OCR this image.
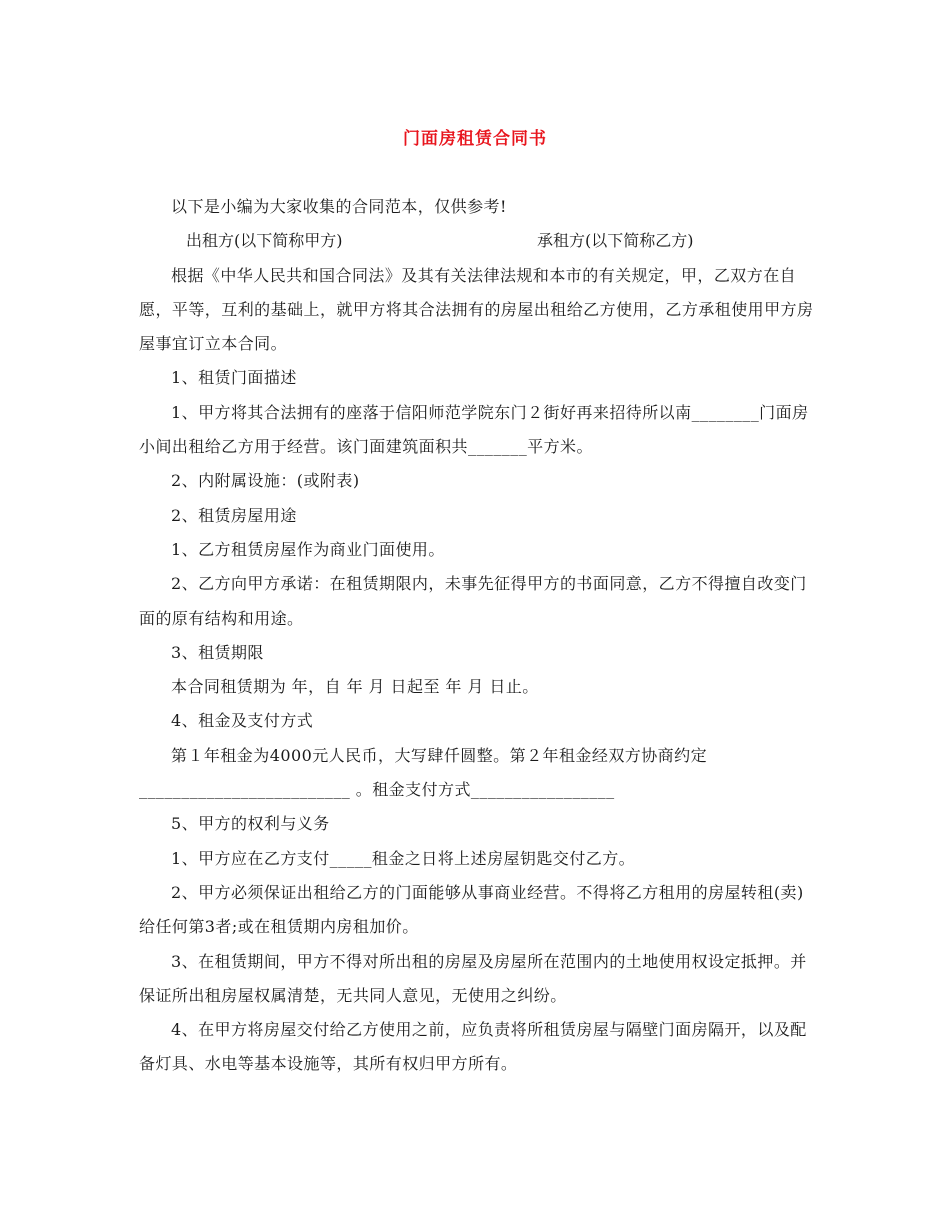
门面房租赁合同书

以下是小编为大家收集的合同范本，仅供参考!

出租方(以下简称甲方)	承租方(以下简称乙方)

根据《中华人民共和国合同法》及其有关法律法规和本市的有关规定，甲，乙双方在自愿，平等，互利的基础上，就甲方将其合法拥有的房屋出租给乙方使用，乙方承租使用甲方房屋事宜订立本合同。

1、租赁门面描述

1、甲方将其合法拥有的座落于信阳师范学院东门２街好再来招待所以南________门面房小间出租给乙方用于经营。该门面建筑面积共_______平方米。

2、内附属设施：(或附表)

2、租赁房屋用途

1、乙方租赁房屋作为商业门面使用。

2、乙方向甲方承诺：在租赁期限内，未事先征得甲方的书面同意，乙方不得擅自改变门面的原有结构和用途。

3、租赁期限

本合同租赁期为 年，自 年 月 日起至 年 月 日止。

4、租金及支付方式

第１年租金为4000元人民币，大写肆仟圆整。第２年租金经双方协商约定_________________________ 。租金支付方式_________________

5、甲方的权利与义务

1、甲方应在乙方支付_____租金之日将上述房屋钥匙交付乙方。

2、甲方必须保证出租给乙方的门面能够从事商业经营。不得将乙方租用的房屋转租(卖)给任何第3者;或在租赁期内房租加价。

3、在租赁期间，甲方不得对所出租的房屋及房屋所在范围内的土地使用权设定抵押。并保证所出租房屋权属清楚，无共同人意见，无使用之纠纷。

4、在甲方将房屋交付给乙方使用之前，应负责将所租赁房屋与隔壁门面房隔开，以及配备灯具、水电等基本设施等，其所有权归甲方所有。
